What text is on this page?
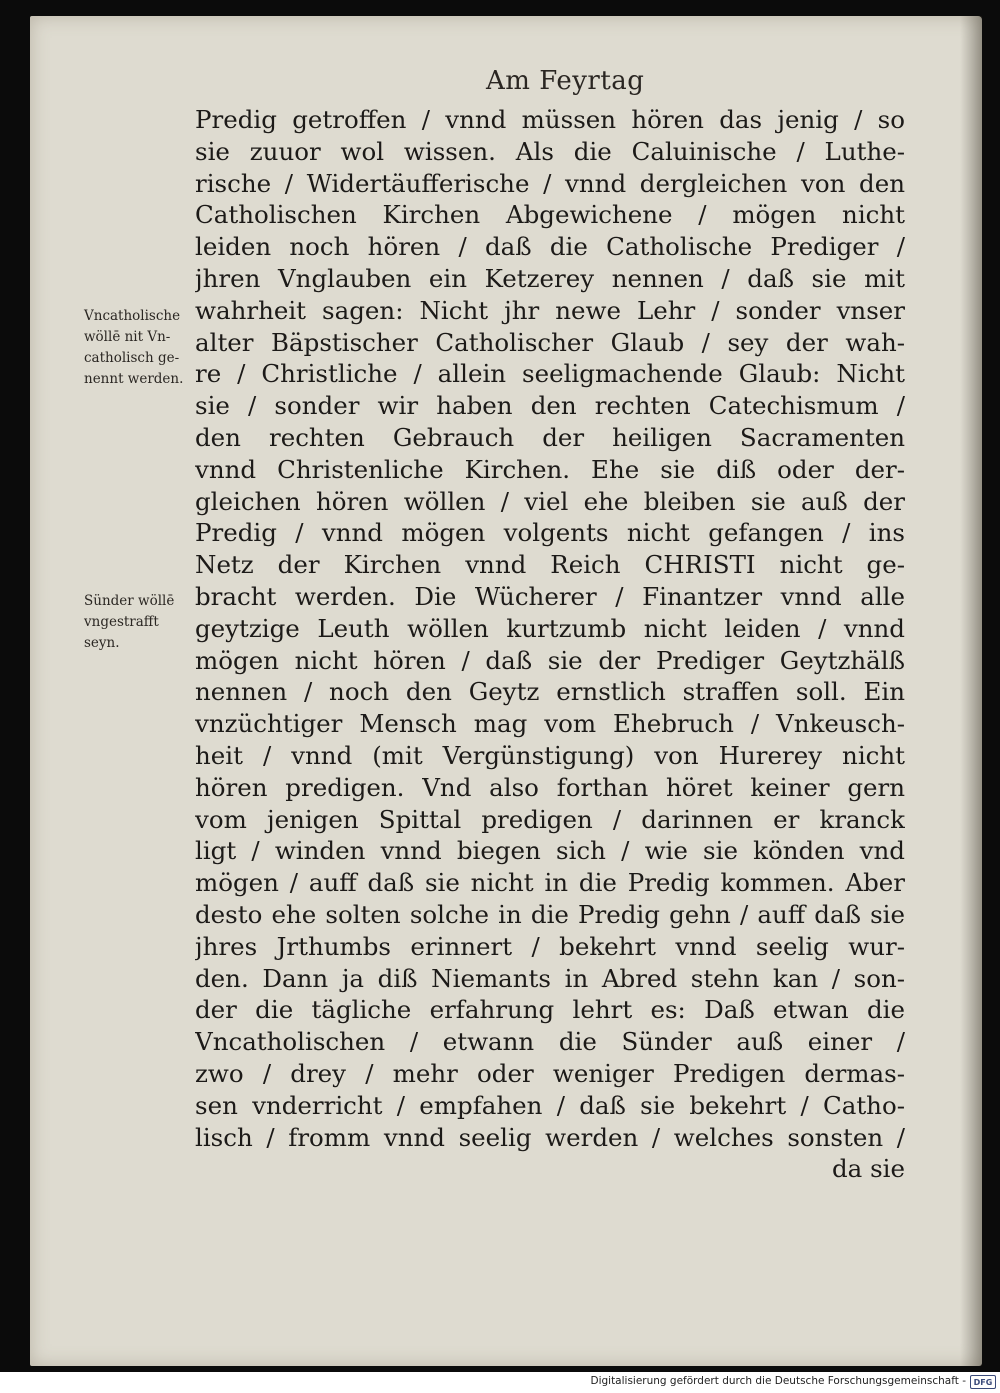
Am Feyrtag
Vncatholische
wöllē nit Vn-
catholisch ge-
nennt werden.
Sünder wöllē
vngestrafft
seyn.
Predig getroffen / vnnd müssen hören das jenig / so
sie zuuor wol wissen. Als die Caluinische / Luthe-
rische / Widertäufferische / vnnd dergleichen von den
Catholischen Kirchen Abgewichene / mögen nicht
leiden noch hören / daß die Catholische Prediger /
jhren Vnglauben ein Ketzerey nennen / daß sie mit
wahrheit sagen: Nicht jhr newe Lehr / sonder vnser
alter Bäpstischer Catholischer Glaub / sey der wah-
re / Christliche / allein seeligmachende Glaub: Nicht
sie / sonder wir haben den rechten Catechismum /
den rechten Gebrauch der heiligen Sacramenten
vnnd Christenliche Kirchen. Ehe sie diß oder der-
gleichen hören wöllen / viel ehe bleiben sie auß der
Predig / vnnd mögen volgents nicht gefangen / ins
Netz der Kirchen vnnd Reich CHRISTI nicht ge-
bracht werden. Die Wücherer / Finantzer vnnd alle
geytzige Leuth wöllen kurtzumb nicht leiden / vnnd
mögen nicht hören / daß sie der Prediger Geytzhälß
nennen / noch den Geytz ernstlich straffen soll. Ein
vnzüchtiger Mensch mag vom Ehebruch / Vnkeusch-
heit / vnnd (mit Vergünstigung) von Hurerey nicht
hören predigen. Vnd also forthan höret keiner gern
vom jenigen Spittal predigen / darinnen er kranck
ligt / winden vnnd biegen sich / wie sie könden vnd
mögen / auff daß sie nicht in die Predig kommen. Aber
desto ehe solten solche in die Predig gehn / auff daß sie
jhres Jrthumbs erinnert / bekehrt vnnd seelig wur-
den. Dann ja diß Niemants in Abred stehn kan / son-
der die tägliche erfahrung lehrt es: Daß etwan die
Vncatholischen / etwann die Sünder auß einer /
zwo / drey / mehr oder weniger Predigen dermas-
sen vnderricht / empfahen / daß sie bekehrt / Catho-
lisch / fromm vnnd seelig werden / welches sonsten /
da sie
Digitalisierung gefördert durch die Deutsche Forschungsgemeinschaft - DFG
